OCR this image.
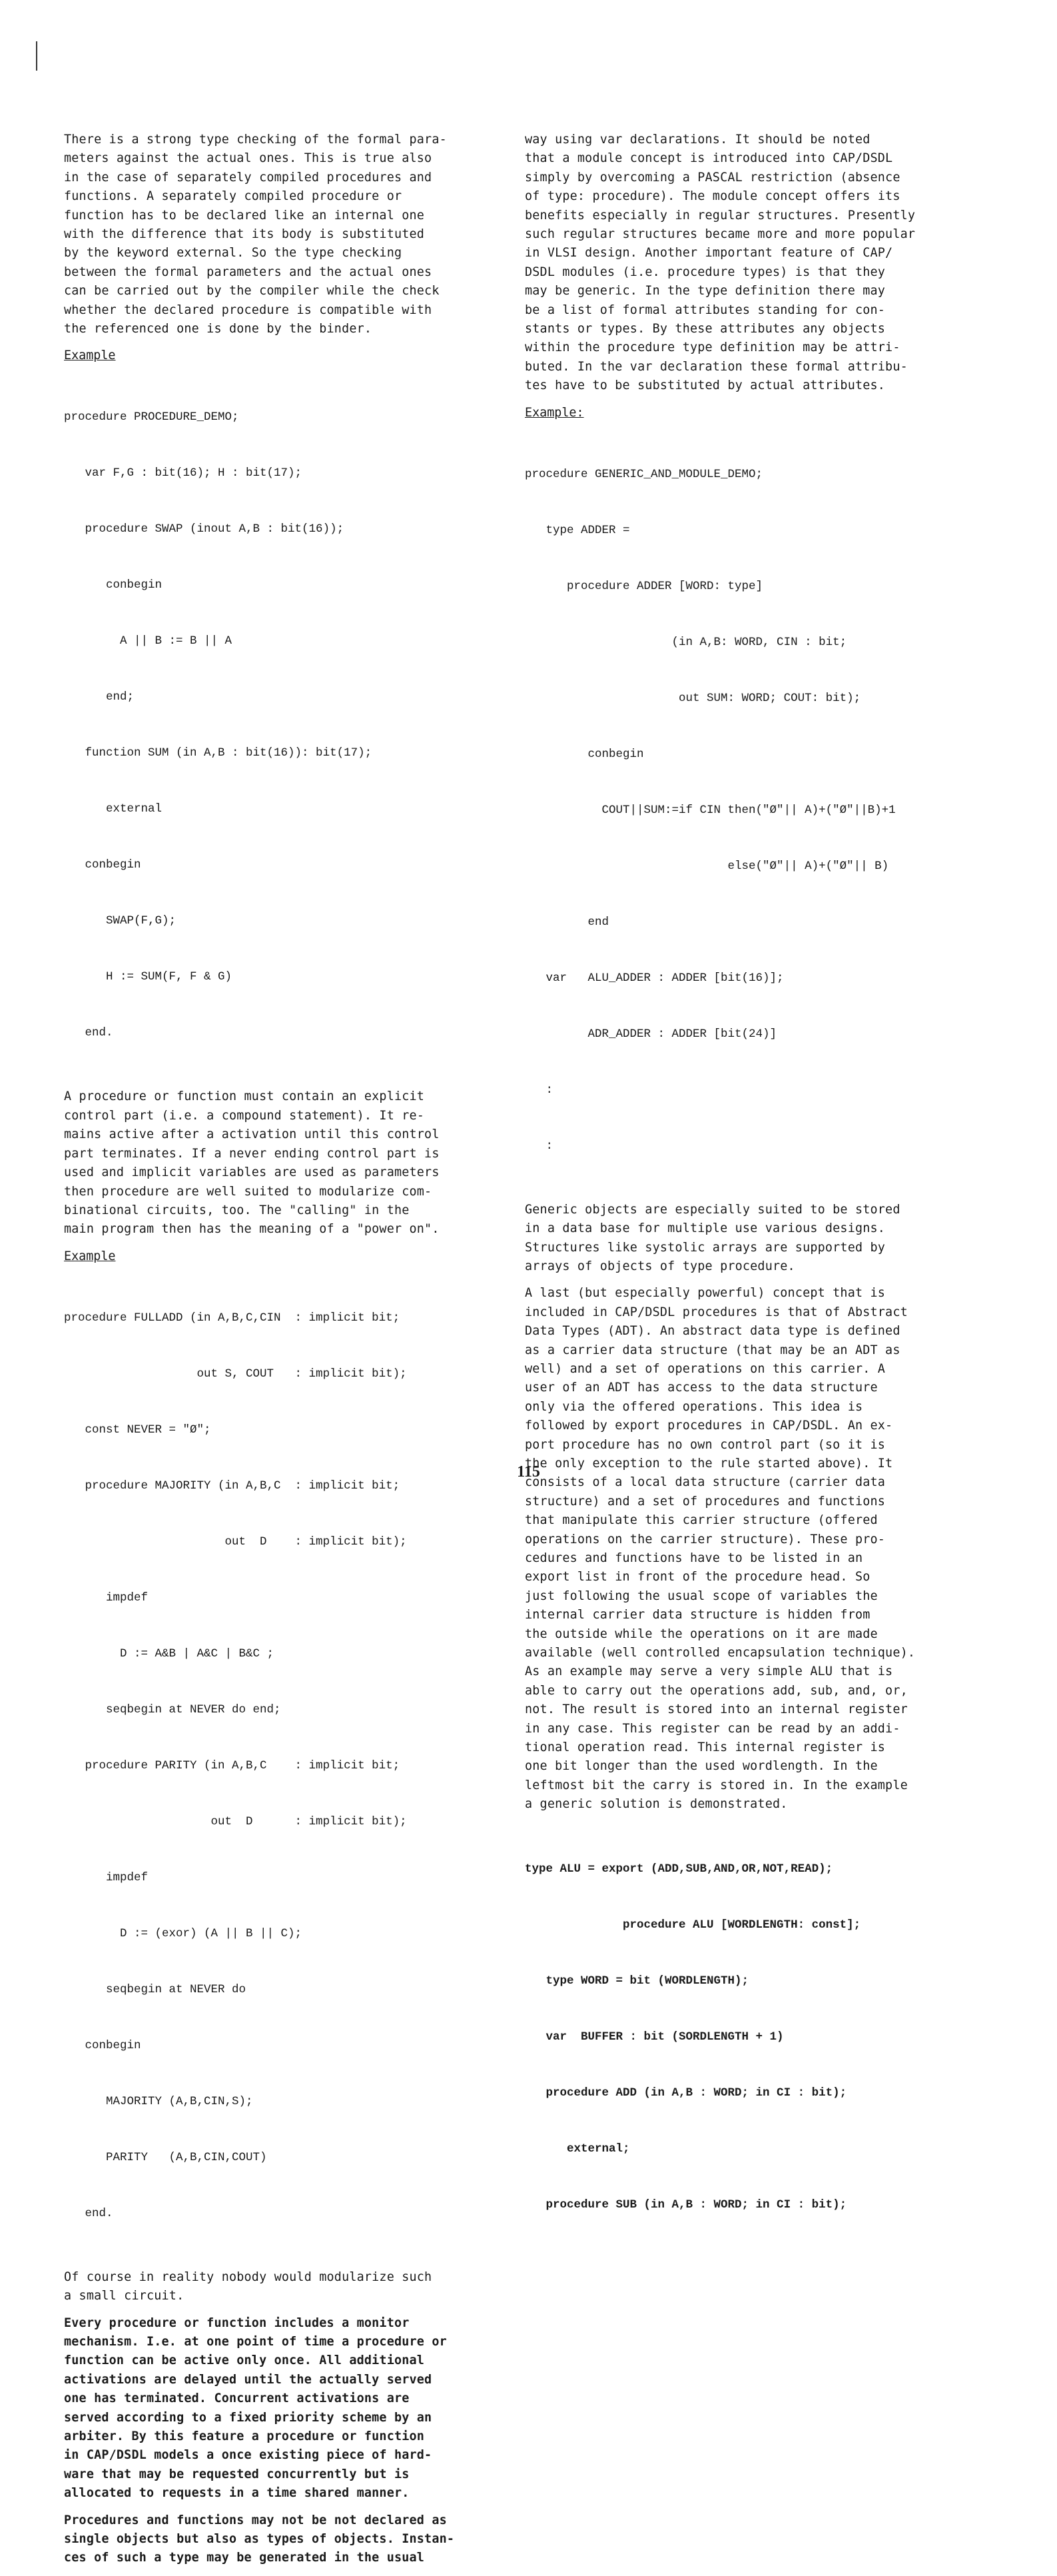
There is a strong type checking of the formal para-
meters against the actual ones. This is true also
in the case of separately compiled procedures and
functions. A separately compiled procedure or
function has to be declared like an internal one
with the difference that its body is substituted
by the keyword external. So the type checking
between the formal parameters and the actual ones
can be carried out by the compiler while the check
whether the declared procedure is compatible with
the referenced one is done by the binder.

Example

procedure PROCEDURE_DEMO;

var F,G : bit(16); H : bit(17);

procedure SWAP (inout A,B : bit(16));

conbegin

A || B := B || A

end;

function SUM (in A,B : bit(16)): bit(17);

external

conbegin

SWAP(F,G);

H := SUM(F, F & G)

end.

A procedure or function must contain an explicit
control part (i.e. a compound statement). It re-
mains active after a activation until this control
part terminates. If a never ending control part is
used and implicit variables are used as parameters
then procedure are well suited to modularize com-
binational circuits, too. The "calling" in the
main program then has the meaning of a "power on".

Example

procedure FULLADD (in A,B,C,CIN  : implicit bit;

out S, COUT   : implicit bit);

const NEVER = "Ø";

procedure MAJORITY (in A,B,C  : implicit bit;

out  D    : implicit bit);

impdef

D := A&B | A&C | B&C ;

seqbegin at NEVER do end;

procedure PARITY (in A,B,C    : implicit bit;

out  D      : implicit bit);

impdef

D := (exor) (A || B || C);

seqbegin at NEVER do

conbegin

MAJORITY (A,B,CIN,S);

PARITY   (A,B,CIN,COUT)

end.

Of course in reality nobody would modularize such
a small circuit.

Every procedure or function includes a monitor
mechanism. I.e. at one point of time a procedure or
function can be active only once. All additional
activations are delayed until the actually served
one has terminated. Concurrent activations are
served according to a fixed priority scheme by an
arbiter. By this feature a procedure or function
in CAP/DSDL models a once existing piece of hard-
ware that may be requested concurrently but is
allocated to requests in a time shared manner.

Procedures and functions may not be not declared as
single objects but also as types of objects. Instan-
ces of such a type may be generated in the usual

way using var declarations. It should be noted
that a module concept is introduced into CAP/DSDL
simply by overcoming a PASCAL restriction (absence
of type: procedure). The module concept offers its
benefits especially in regular structures. Presently
such regular structures became more and more popular
in VLSI design. Another important feature of CAP/
DSDL modules (i.e. procedure types) is that they
may be generic. In the type definition there may
be a list of formal attributes standing for con-
stants or types. By these attributes any objects
within the procedure type definition may be attri-
buted. In the var declaration these formal attribu-
tes have to be substituted by actual attributes.

Example:

procedure GENERIC_AND_MODULE_DEMO;

type ADDER =

procedure ADDER [WORD: type]

(in A,B: WORD, CIN : bit;

out SUM: WORD; COUT: bit);

conbegin

COUT||SUM:=if CIN then("Ø"|| A)+("Ø"||B)+1

else("Ø"|| A)+("Ø"|| B)

end

var   ALU_ADDER : ADDER [bit(16)];

ADR_ADDER : ADDER [bit(24)]

:

:

Generic objects are especially suited to be stored
in a data base for multiple use various designs.
Structures like systolic arrays are supported by
arrays of objects of type procedure.

A last (but especially powerful) concept that is
included in CAP/DSDL procedures is that of Abstract
Data Types (ADT). An abstract data type is defined
as a carrier data structure (that may be an ADT as
well) and a set of operations on this carrier. A
user of an ADT has access to the data structure
only via the offered operations. This idea is
followed by export procedures in CAP/DSDL. An ex-
port procedure has no own control part (so it is
the only exception to the rule started above). It
consists of a local data structure (carrier data
structure) and a set of procedures and functions
that manipulate this carrier structure (offered
operations on the carrier structure). These pro-
cedures and functions have to be listed in an
export list in front of the procedure head. So
just following the usual scope of variables the
internal carrier data structure is hidden from
the outside while the operations on it are made
available (well controlled encapsulation technique).
As an example may serve a very simple ALU that is
able to carry out the operations add, sub, and, or,
not. The result is stored into an internal register
in any case. This register can be read by an addi-
tional operation read. This internal register is
one bit longer than the used wordlength. In the
leftmost bit the carry is stored in. In the example
a generic solution is demonstrated.

type ALU = export (ADD,SUB,AND,OR,NOT,READ);

procedure ALU [WORDLENGTH: const];

type WORD = bit (WORDLENGTH);

var  BUFFER : bit (SORDLENGTH + 1)

procedure ADD (in A,B : WORD; in CI : bit);

external;

procedure SUB (in A,B : WORD; in CI : bit);

115
